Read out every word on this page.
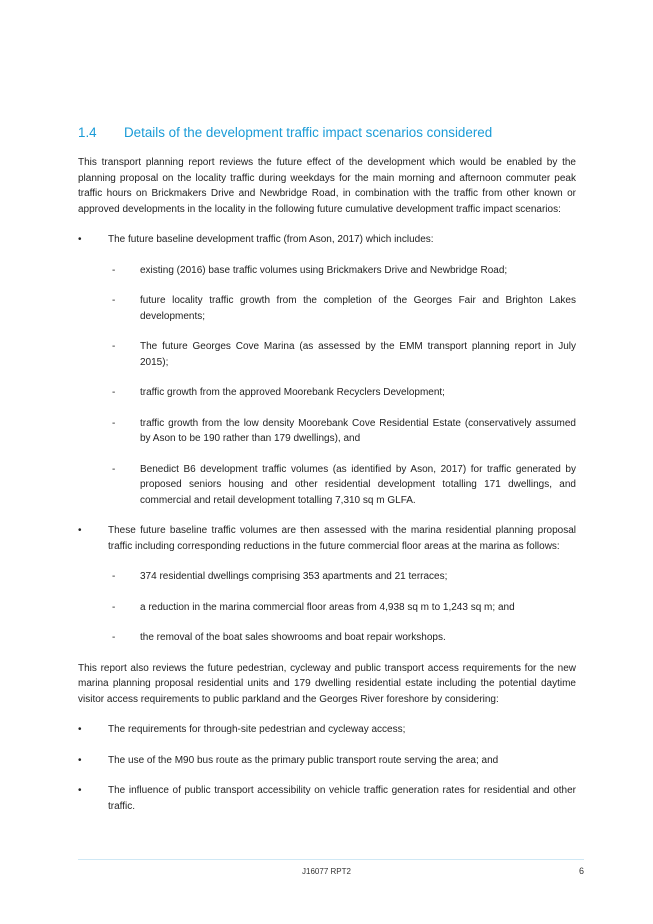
1.4 Details of the development traffic impact scenarios considered

This transport planning report reviews the future effect of the development which would be enabled by the planning proposal on the locality traffic during weekdays for the main morning and afternoon commuter peak traffic hours on Brickmakers Drive and Newbridge Road, in combination with the traffic from other known or approved developments in the locality in the following future cumulative development traffic impact scenarios:

•	The future baseline development traffic (from Ason, 2017) which includes:
- existing (2016) base traffic volumes using Brickmakers Drive and Newbridge Road;
- future locality traffic growth from the completion of the Georges Fair and Brighton Lakes developments;
- The future Georges Cove Marina (as assessed by the EMM transport planning report in July 2015);
- traffic growth from the approved Moorebank Recyclers Development;
- traffic growth from the low density Moorebank Cove Residential Estate (conservatively assumed by Ason to be 190 rather than 179 dwellings), and
- Benedict B6 development traffic volumes (as identified by Ason, 2017) for traffic generated by proposed seniors housing and other residential development totalling 171 dwellings, and commercial and retail development totalling 7,310 sq m GLFA.
•	These future baseline traffic volumes are then assessed with the marina residential planning proposal traffic including corresponding reductions in the future commercial floor areas at the marina as follows:
- 374 residential dwellings comprising 353 apartments and 21 terraces;
- a reduction in the marina commercial floor areas from 4,938 sq m to 1,243 sq m; and
- the removal of the boat sales showrooms and boat repair workshops.

This report also reviews the future pedestrian, cycleway and public transport access requirements for the new marina planning proposal residential units and 179 dwelling residential estate including the potential daytime visitor access requirements to public parkland and the Georges River foreshore by considering:

•	The requirements for through-site pedestrian and cycleway access;
•	The use of the M90 bus route as the primary public transport route serving the area; and
•	The influence of public transport accessibility on vehicle traffic generation rates for residential and other traffic.
J16077 RPT2	6
